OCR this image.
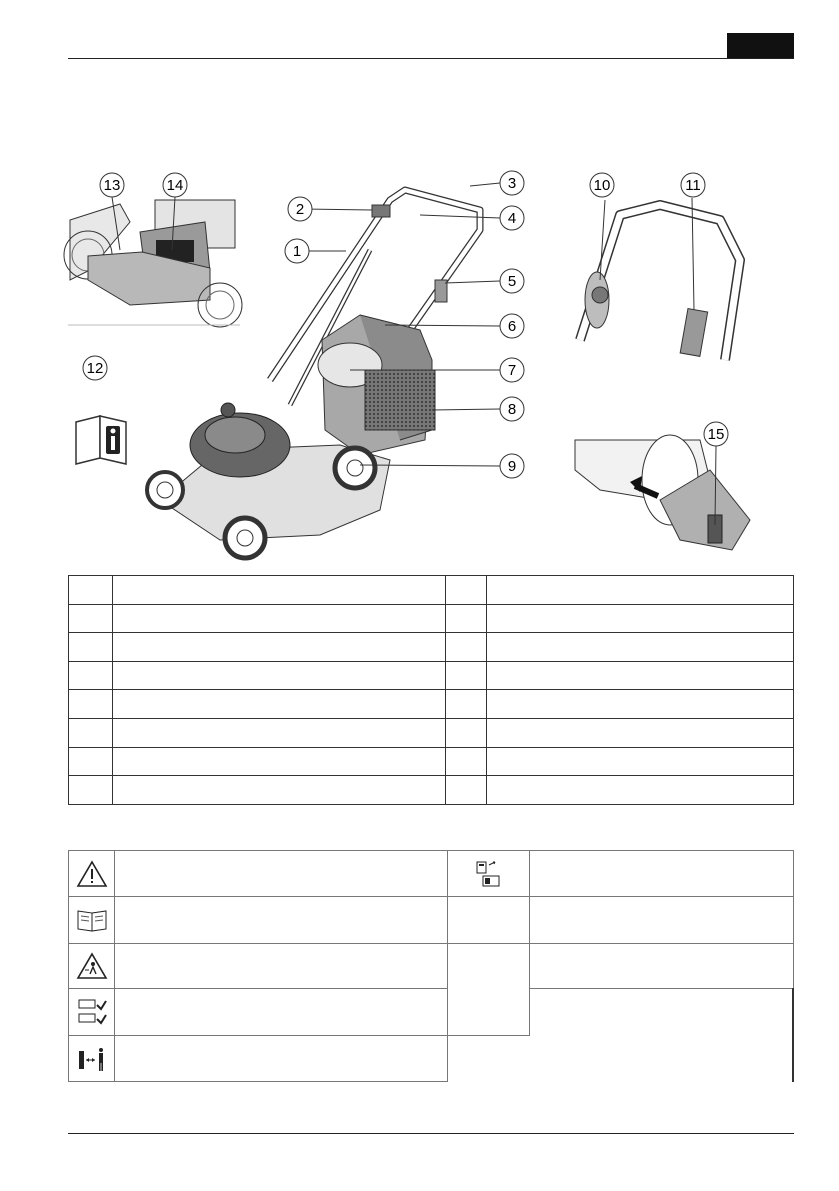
1
2
3
4
5
6
7
8
9
10	11
12
13	14
15
